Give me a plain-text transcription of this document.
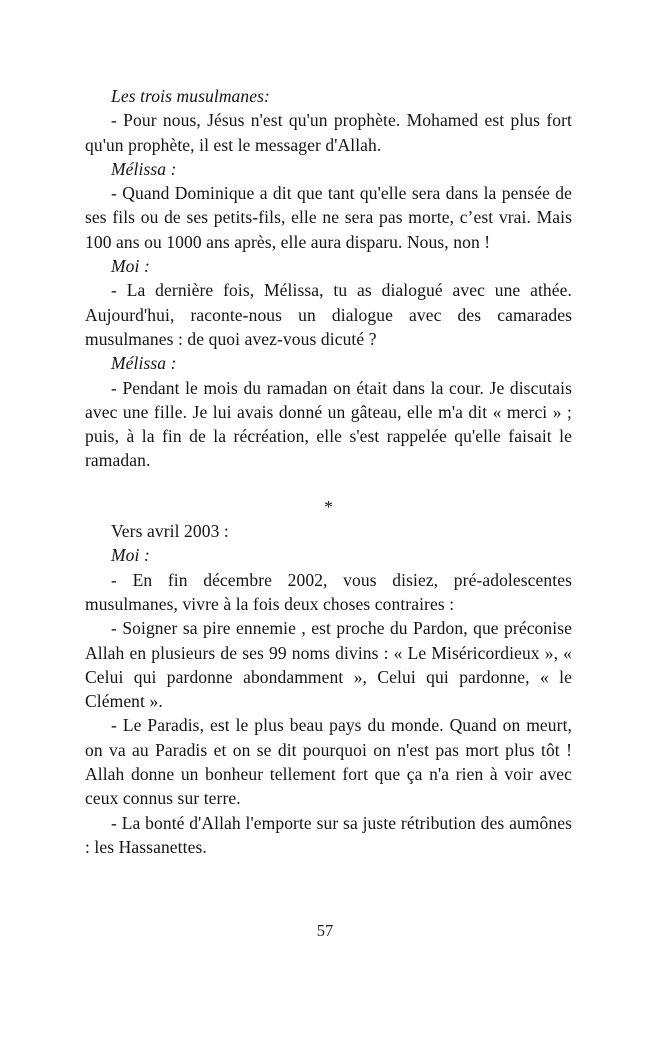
Les trois musulmanes:

- Pour nous, Jésus n'est qu'un prophète. Mohamed est plus fort qu'un prophète, il est le messager d'Allah.

Mélissa :

- Quand Dominique a dit que tant qu'elle sera dans la pensée de ses fils ou de ses petits-fils, elle ne sera pas morte, c’est vrai. Mais 100 ans ou 1000 ans après, elle aura disparu. Nous, non !

Moi :

- La dernière fois, Mélissa, tu as dialogué avec une athée. Aujourd'hui, raconte-nous un dialogue avec des camarades musulmanes : de quoi avez-vous dicuté ?

Mélissa :

- Pendant le mois du ramadan on était dans la cour. Je discutais avec une fille. Je lui avais donné un gâteau, elle m'a dit « merci » ; puis, à la fin de la récréation, elle s'est rappelée qu'elle faisait le ramadan.

*

Vers avril 2003 :

Moi :

- En fin décembre 2002, vous disiez, pré-adolescentes musulmanes, vivre à la fois deux choses contraires :

- Soigner sa pire ennemie , est proche du Pardon, que préconise Allah en plusieurs de ses 99 noms divins : « Le Miséricordieux », « Celui qui pardonne abondamment », Celui qui pardonne, « le Clément ».

- Le Paradis, est le plus beau pays du monde. Quand on meurt, on va au Paradis et on se dit pourquoi on n'est pas mort plus tôt ! Allah donne un bonheur tellement fort que ça n'a rien à voir avec ceux connus sur terre.

- La bonté d'Allah l'emporte sur sa juste rétribution des aumônes : les Hassanettes.

57
